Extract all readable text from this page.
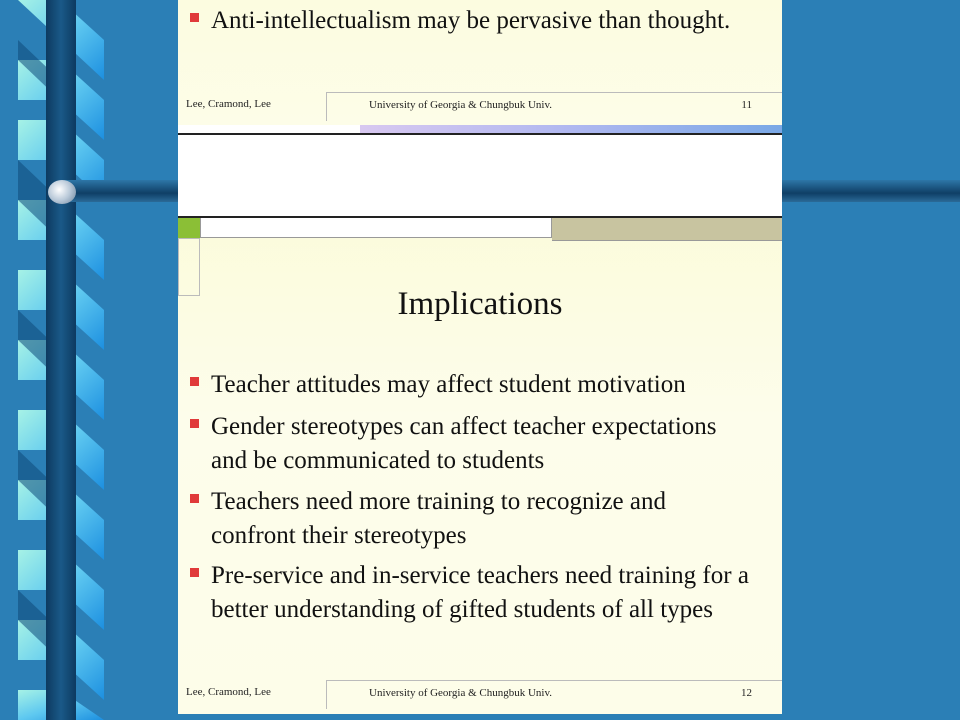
Anti-intellectualism may be pervasive than thought.
Lee, Cramond, Lee	University of Georgia & Chungbuk Univ.	11
Implications
Teacher attitudes may affect student motivation
Gender stereotypes can affect teacher expectations and be communicated to students
Teachers need more training to recognize and confront their stereotypes
Pre-service and in-service teachers need training for a better understanding of gifted students of all types
Lee, Cramond, Lee	University of Georgia & Chungbuk Univ.	12
